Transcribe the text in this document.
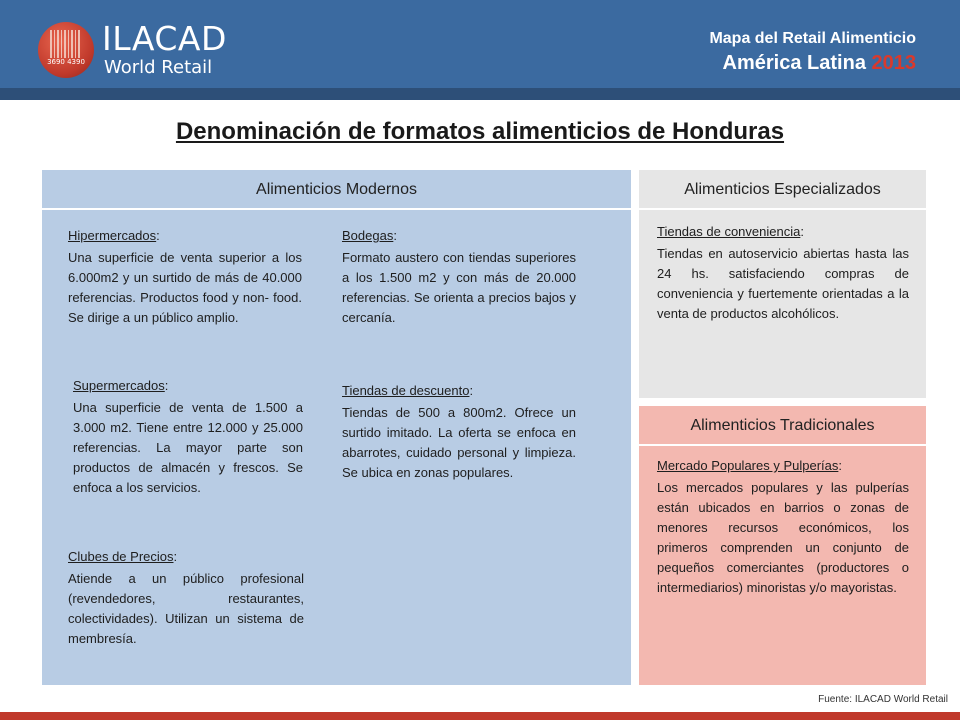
3690 4390
ILACAD
World Retail
Mapa del Retail Alimenticio
América Latina 2013
Denominación de formatos alimenticios de Honduras
Alimenticios Modernos
Hipermercados:
Una superficie de venta superior a los 6.000m2 y un surtido de más de 40.000 referencias. Productos food y non- food. Se dirige a un público amplio.
Supermercados:
Una superficie de venta de 1.500 a 3.000 m2. Tiene entre 12.000 y 25.000 referencias. La mayor parte son productos de almacén y frescos. Se enfoca a los servicios.
Clubes de Precios:
Atiende a un público profesional (revendedores, restaurantes, colectividades). Utilizan un sistema de membresía.
Bodegas:
Formato austero con tiendas superiores a los 1.500 m2 y con más de 20.000 referencias. Se orienta a precios bajos y cercanía.
Tiendas de descuento:
Tiendas de 500 a 800m2. Ofrece un surtido imitado. La oferta se enfoca en abarrotes, cuidado personal y limpieza. Se ubica en zonas populares.
Alimenticios Especializados
Tiendas de conveniencia:
Tiendas en autoservicio abiertas hasta las 24 hs. satisfaciendo compras de conveniencia y fuertemente orientadas a la venta de productos alcohólicos.
Alimenticios Tradicionales
Mercado Populares y Pulperías:
Los mercados populares y las pulperías están ubicados en barrios o zonas de menores recursos económicos, los primeros comprenden un conjunto de pequeños comerciantes (productores o intermediarios) minoristas y/o mayoristas.
Fuente: ILACAD World Retail
